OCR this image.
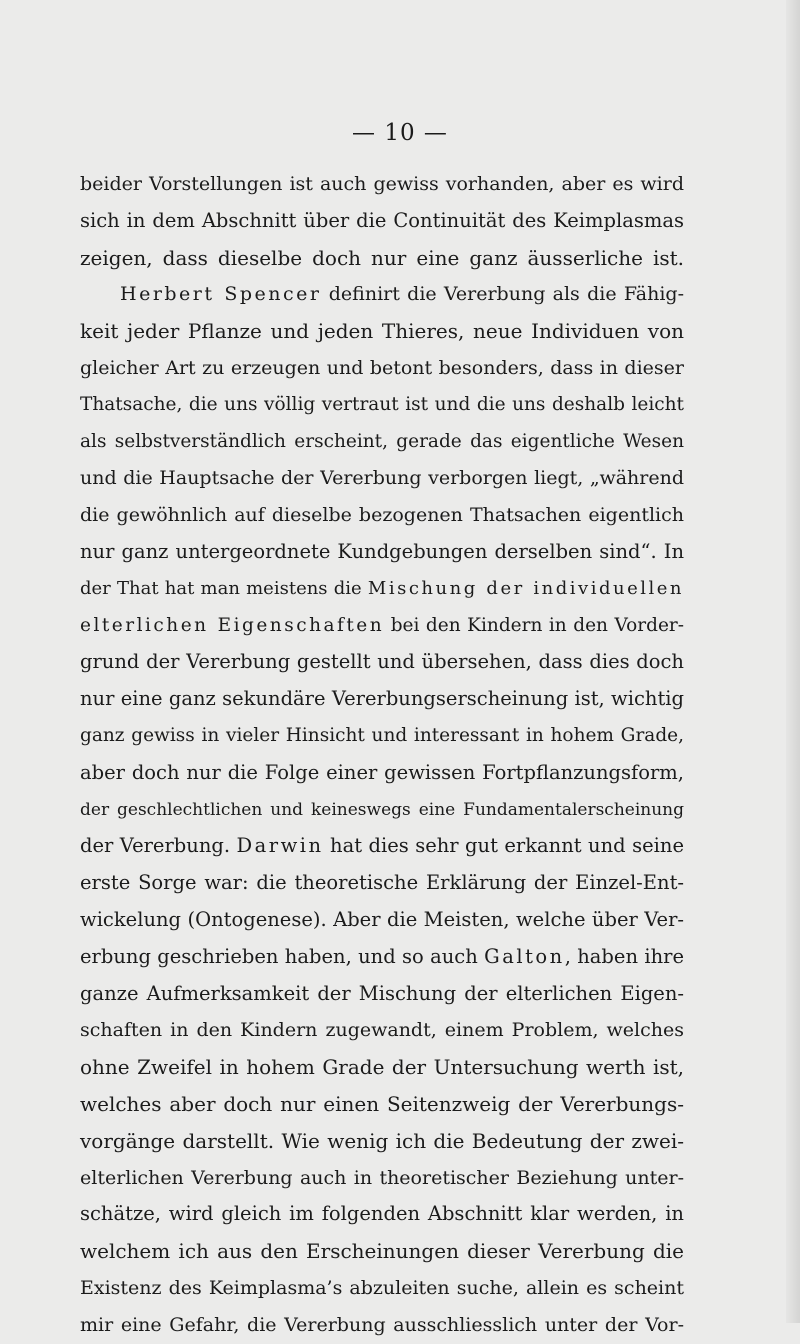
— 10 —
beider Vorstellungen ist auch gewiss vorhanden, aber es wird
sich in dem Abschnitt über die Continuität des Keimplasmas
zeigen, dass dieselbe doch nur eine ganz äusserliche ist.
Herbert Spencer definirt die Vererbung als die Fähig-
keit jeder Pflanze und jeden Thieres, neue Individuen von
gleicher Art zu erzeugen und betont besonders, dass in dieser
Thatsache, die uns völlig vertraut ist und die uns deshalb leicht
als selbstverständlich erscheint, gerade das eigentliche Wesen
und die Hauptsache der Vererbung verborgen liegt, „während
die gewöhnlich auf dieselbe bezogenen Thatsachen eigentlich
nur ganz untergeordnete Kundgebungen derselben sind“. In
der That hat man meistens die Mischung der individuellen
elterlichen Eigenschaften bei den Kindern in den Vorder-
grund der Vererbung gestellt und übersehen, dass dies doch
nur eine ganz sekundäre Vererbungserscheinung ist, wichtig
ganz gewiss in vieler Hinsicht und interessant in hohem Grade,
aber doch nur die Folge einer gewissen Fortpflanzungsform,
der geschlechtlichen und keineswegs eine Fundamentalerscheinung
der Vererbung. Darwin hat dies sehr gut erkannt und seine
erste Sorge war: die theoretische Erklärung der Einzel-Ent-
wickelung (Ontogenese). Aber die Meisten, welche über Ver-
erbung geschrieben haben, und so auch Galton, haben ihre
ganze Aufmerksamkeit der Mischung der elterlichen Eigen-
schaften in den Kindern zugewandt, einem Problem, welches
ohne Zweifel in hohem Grade der Untersuchung werth ist,
welches aber doch nur einen Seitenzweig der Vererbungs-
vorgänge darstellt. Wie wenig ich die Bedeutung der zwei-
elterlichen Vererbung auch in theoretischer Beziehung unter-
schätze, wird gleich im folgenden Abschnitt klar werden, in
welchem ich aus den Erscheinungen dieser Vererbung die
Existenz des Keimplasma’s abzuleiten suche, allein es scheint
mir eine Gefahr, die Vererbung ausschliesslich unter der Vor-
